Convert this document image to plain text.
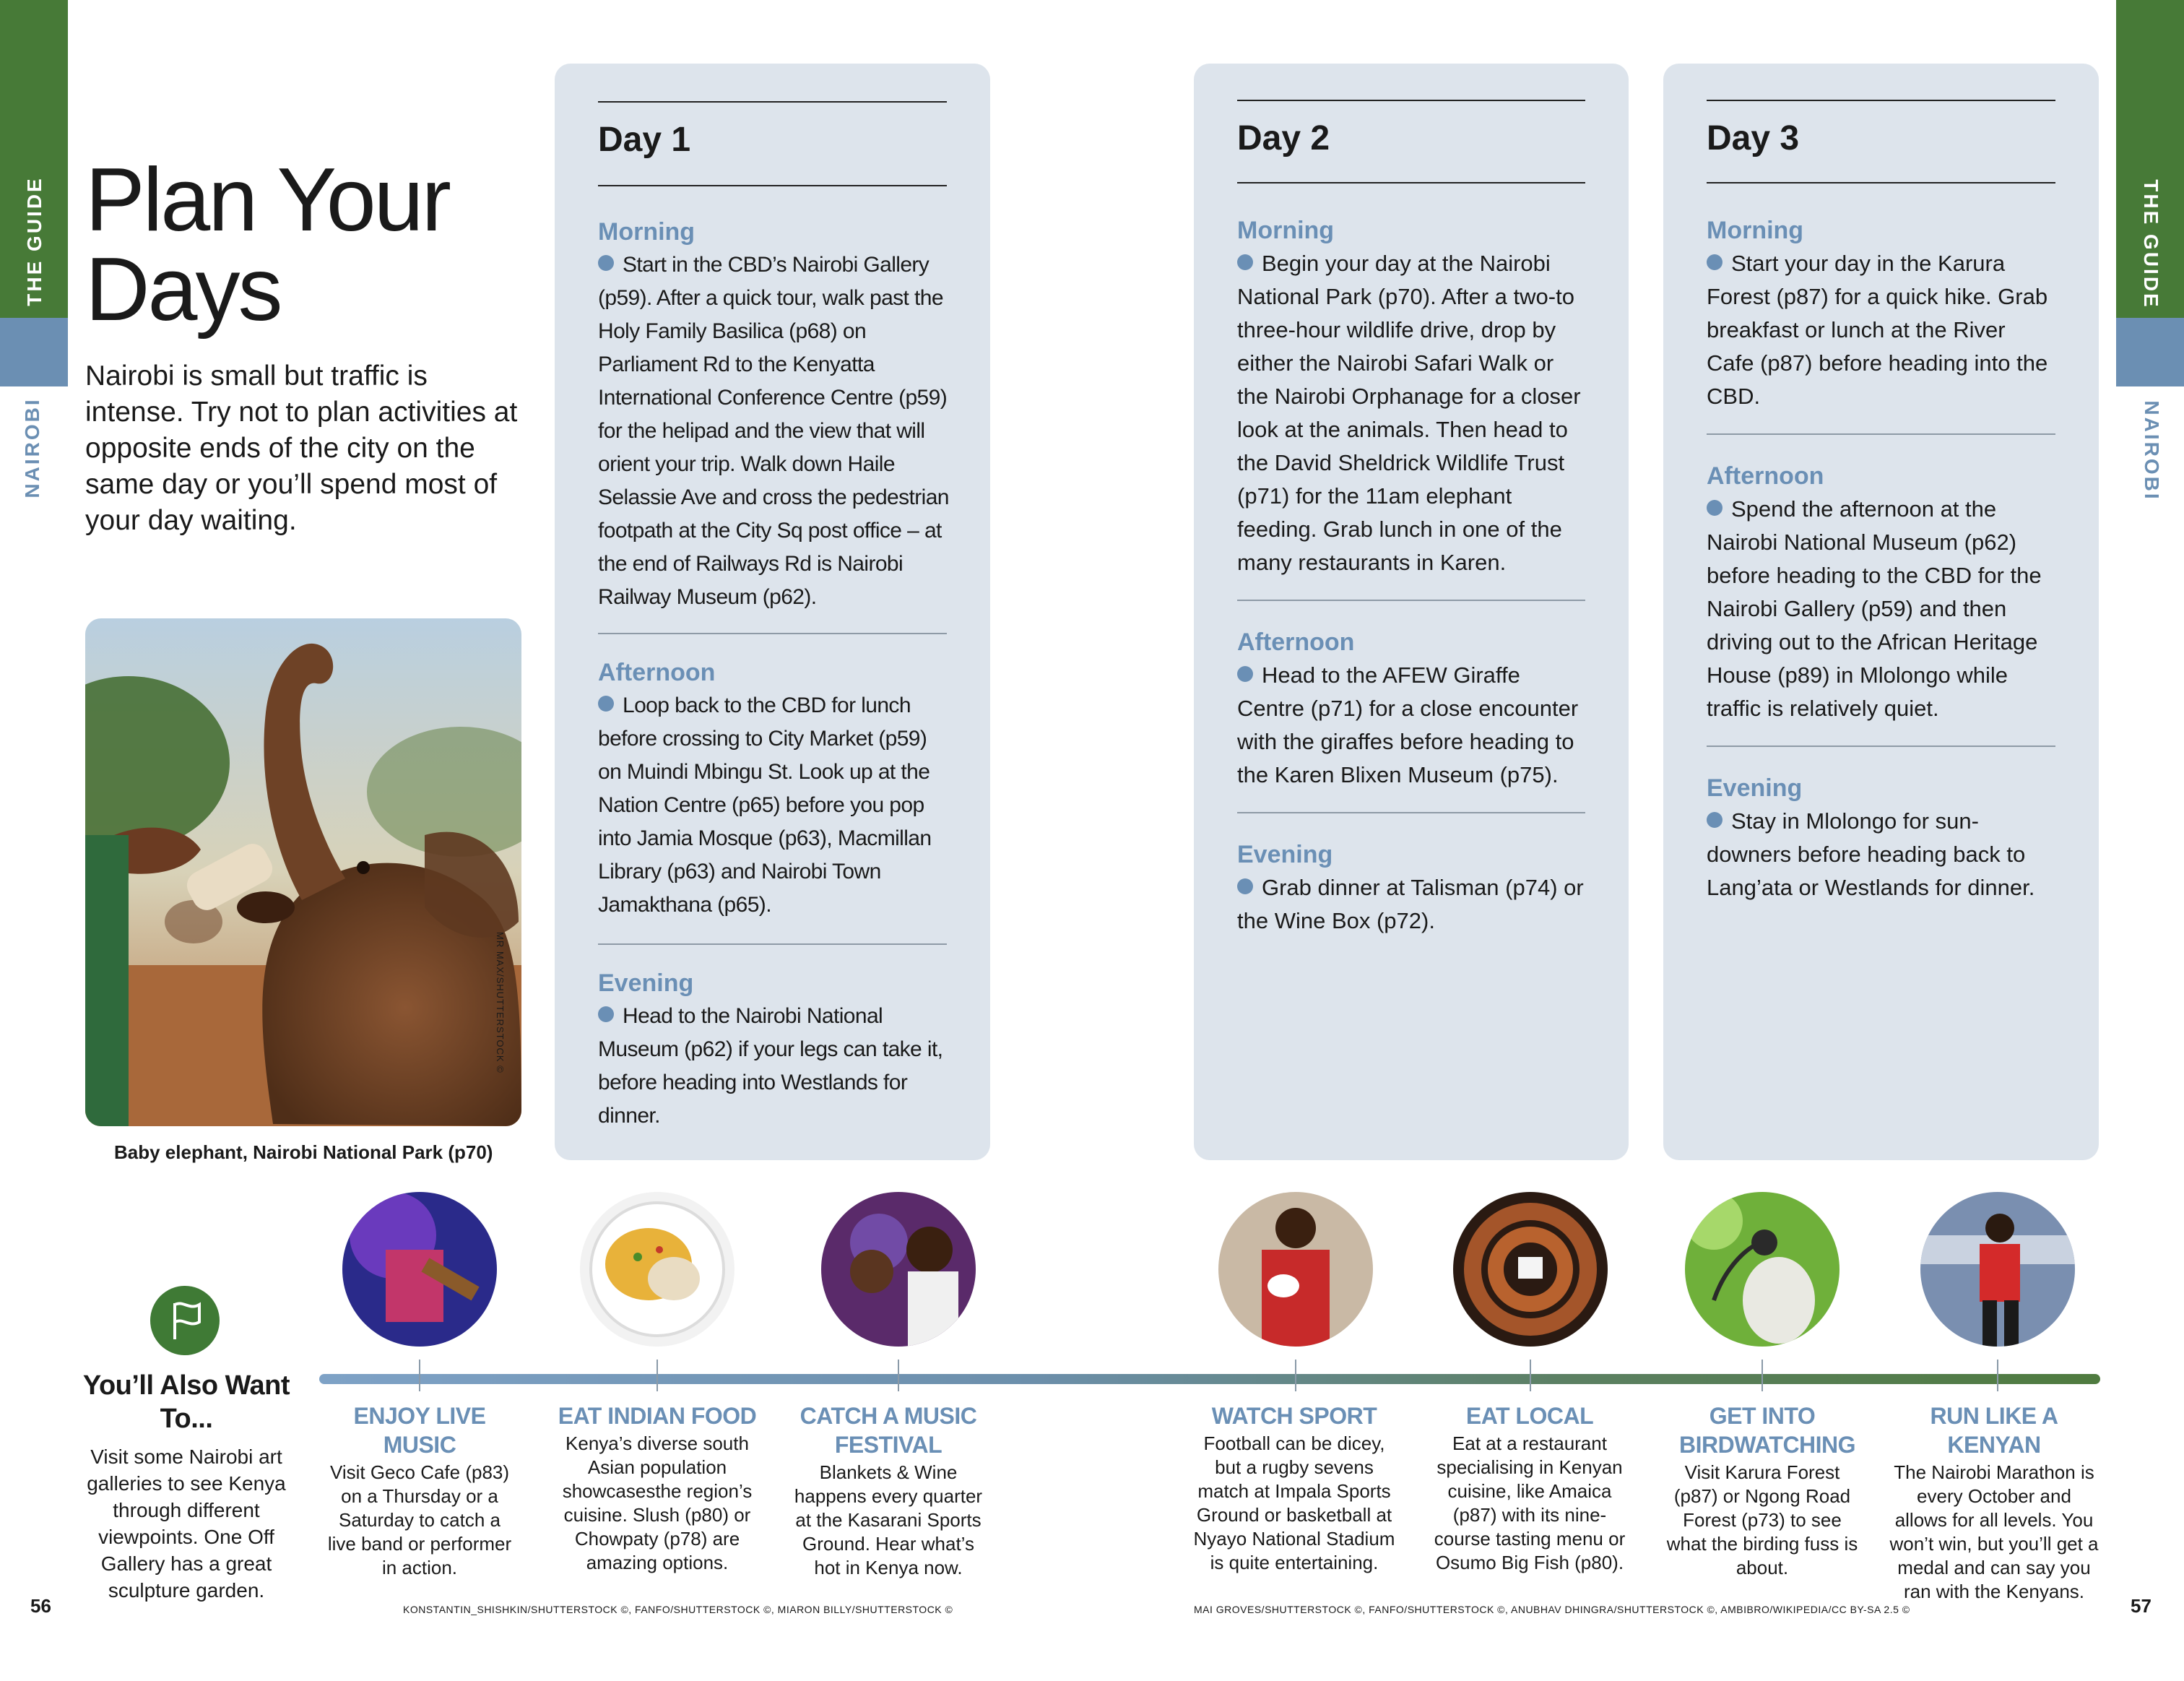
THE GUIDE
NAIROBI
THE GUIDE
NAIROBI
56	57
Plan Your
Days
Nairobi is small but traffic is intense. Try not to plan activities at opposite ends of the city on the same day or you’ll spend most of your day waiting.
MR MAX/SHUTTERSTOCK ©
Baby elephant, Nairobi National Park (p70)
Day 1
Morning
Start in the CBD’s Nairobi Gallery (p59). After a quick tour, walk past the Holy Family Basilica (p68) on Parliament Rd to the Kenyatta International Conference Centre (p59) for the helipad and the view that will orient your trip. Walk down Haile Selassie Ave and cross the pedestrian footpath at the City Sq post office – at the end of Railways Rd is Nairobi Railway Museum (p62).
Afternoon
Loop back to the CBD for lunch before crossing to City Market (p59) on Muindi Mbingu St. Look up at the Nation Centre (p65) before you pop into Jamia Mosque (p63), Macmillan Library (p63) and Nairobi Town Jamakthana (p65).
Evening
Head to the Nairobi National Museum (p62) if your legs can take it, before heading into Westlands for dinner.
Day 2
Morning
Begin your day at the Nairobi National Park (p70). After a two-to three-hour wildlife drive, drop by either the Nairobi Safari Walk or the Nairobi Orphanage for a closer look at the animals. Then head to the David Sheldrick Wildlife Trust (p71) for the 11am elephant feeding. Grab lunch in one of the many restaurants in Karen.
Afternoon
Head to the AFEW Giraffe Centre (p71) for a close encounter with the giraffes before heading to the Karen Blixen Museum (p75).
Evening
Grab dinner at Talisman (p74) or the Wine Box (p72).
Day 3
Morning
Start your day in the Karura Forest (p87) for a quick hike. Grab breakfast or lunch at the River Cafe (p87) before heading into the CBD.
Afternoon
Spend the afternoon at the Nairobi National Museum (p62) before heading to the CBD for the Nairobi Gallery (p59) and then driving out to the African Heritage House (p89) in Mlolongo while traffic is relatively quiet.
Evening
Stay in Mlolongo for sun-downers before heading back to Lang’ata or Westlands for dinner.
You’ll Also Want To...
Visit some Nairobi art galleries to see Kenya through different viewpoints. One Off Gallery has a great sculpture garden.
ENJOY LIVE MUSIC
Visit Geco Cafe (p83) on a Thursday or a Saturday to catch a live band or performer in action.
EAT INDIAN FOOD
Kenya’s diverse south Asian population showcasesthe region’s cuisine. Slush (p80) or Chowpaty (p78) are amazing options.
CATCH A MUSIC FESTIVAL
Blankets & Wine happens every quarter at the Kasarani Sports Ground. Hear what’s hot in Kenya now.
WATCH SPORT
Football can be dicey, but a rugby sevens match at Impala Sports Ground or basketball at Nyayo National Stadium is quite entertaining.
EAT LOCAL
Eat at a restaurant specialising in Kenyan cuisine, like Amaica (p87) with its nine-course tasting menu or Osumo Big Fish (p80).
GET INTO BIRDWATCHING
Visit Karura Forest (p87) or Ngong Road Forest (p73) to see what the birding fuss is about.
RUN LIKE A KENYAN
The Nairobi Marathon is every October and allows for all levels. You won’t win, but you’ll get a medal and can say you ran with the Kenyans.
KONSTANTIN_SHISHKIN/SHUTTERSTOCK ©, FANFO/SHUTTERSTOCK ©, MIARON BILLY/SHUTTERSTOCK ©	MAI GROVES/SHUTTERSTOCK ©, FANFO/SHUTTERSTOCK ©, ANUBHAV DHINGRA/SHUTTERSTOCK ©, AMBIBRO/WIKIPEDIA/CC BY-SA 2.5 ©
